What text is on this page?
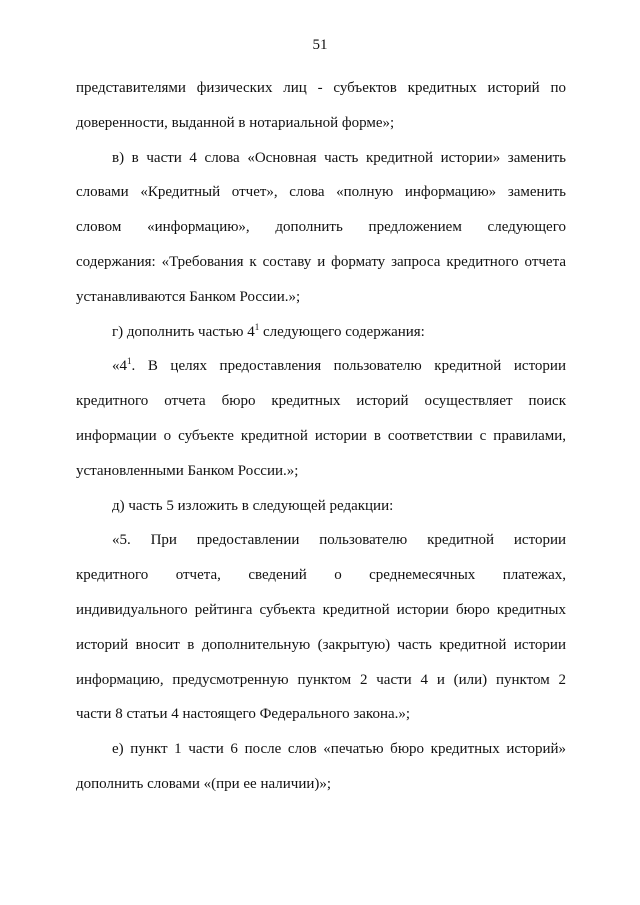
51
представителями физических лиц - субъектов кредитных историй по
доверенности, выданной в нотариальной форме»;
в) в части 4 слова «Основная часть кредитной истории» заменить
словами «Кредитный отчет», слова «полную информацию» заменить
словом «информацию», дополнить предложением следующего
содержания: «Требования к составу и формату запроса кредитного отчета
устанавливаются Банком России.»;
г) дополнить частью $4^1$ следующего содержания:
«$4^1$. В целях предоставления пользователю кредитной истории
кредитного отчета бюро кредитных историй осуществляет поиск
информации о субъекте кредитной истории в соответствии с правилами,
установленными Банком России.»;
д) часть 5 изложить в следующей редакции:
«5. При предоставлении пользователю кредитной истории
кредитного отчета, сведений о среднемесячных платежах,
индивидуального рейтинга субъекта кредитной истории бюро кредитных
историй вносит в дополнительную (закрытую) часть кредитной истории
информацию, предусмотренную пунктом 2 части 4 и (или) пунктом 2
части 8 статьи 4 настоящего Федерального закона.»;
е) пункт 1 части 6 после слов «печатью бюро кредитных историй»
дополнить словами «(при ее наличии)»;
